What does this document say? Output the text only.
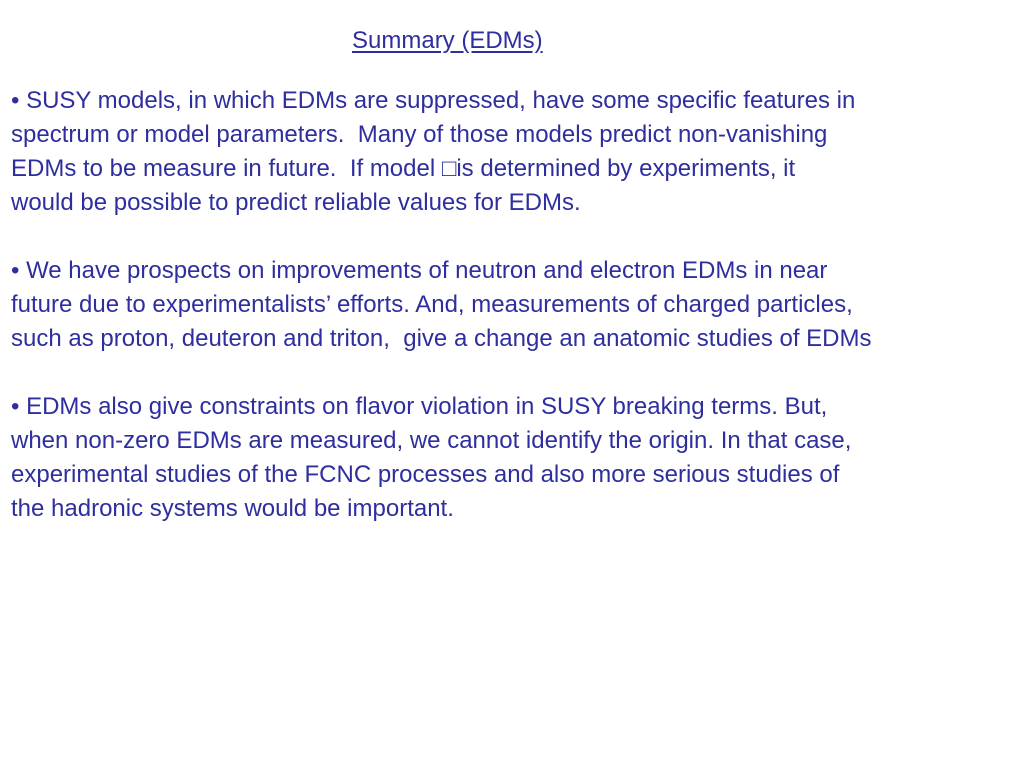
Summary (EDMs)

• SUSY models, in which EDMs are suppressed, have some specific features in
spectrum or model parameters.  Many of those models predict non-vanishing
EDMs to be measure in future.  If model □is determined by experiments, it
would be possible to predict reliable values for EDMs.

• We have prospects on improvements of neutron and electron EDMs in near
future due to experimentalists’ efforts. And, measurements of charged particles,
such as proton, deuteron and triton,  give a change an anatomic studies of EDMs

• EDMs also give constraints on flavor violation in SUSY breaking terms. But,
when non-zero EDMs are measured, we cannot identify the origin. In that case,
experimental studies of the FCNC processes and also more serious studies of
the hadronic systems would be important.
